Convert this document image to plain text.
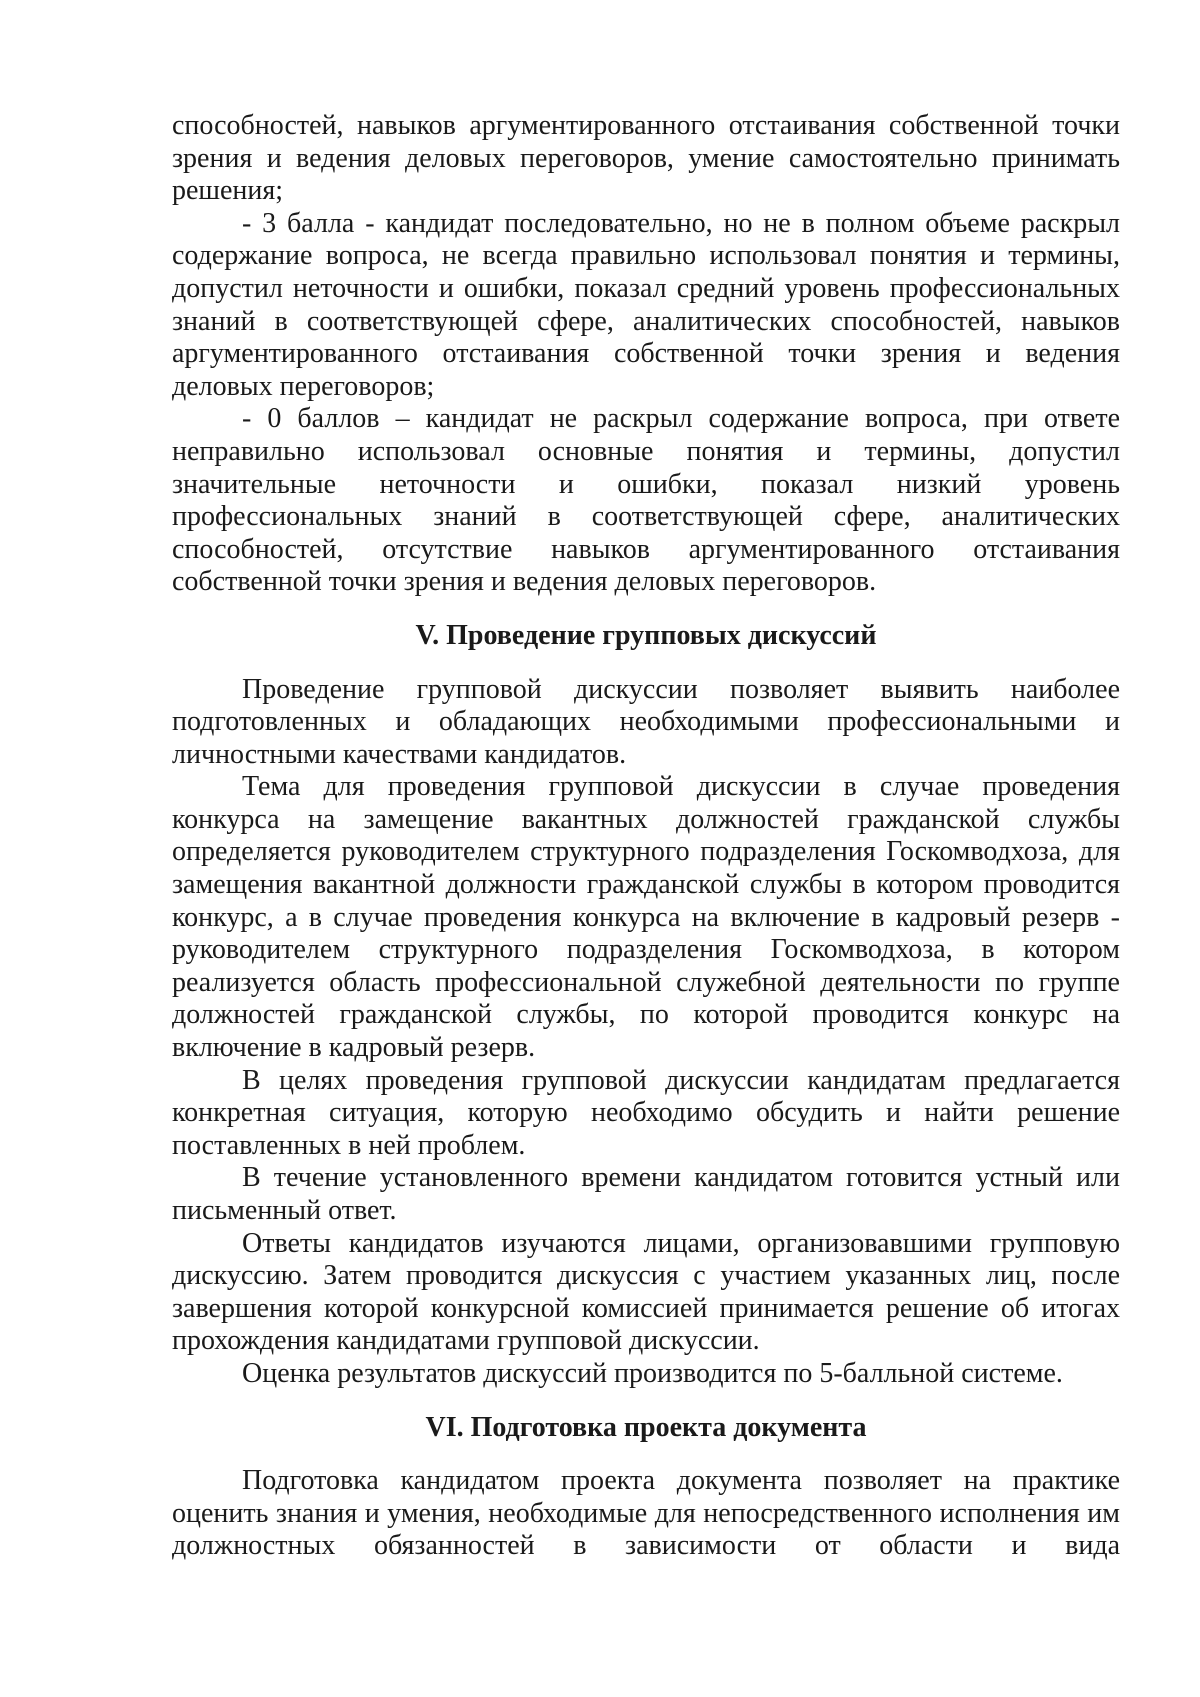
способностей, навыков аргументированного отстаивания собственной точки зрения и ведения деловых переговоров, умение самостоятельно принимать решения;

- 3 балла - кандидат последовательно, но не в полном объеме раскрыл содержание вопроса, не всегда правильно использовал понятия и термины, допустил неточности и ошибки, показал средний уровень профессиональных знаний в соответствующей сфере, аналитических способностей, навыков аргументированного отстаивания собственной точки зрения и ведения деловых переговоров;

- 0 баллов – кандидат не раскрыл содержание вопроса, при ответе неправильно использовал основные понятия и термины, допустил значительные неточности и ошибки, показал низкий уровень профессиональных знаний в соответствующей сфере, аналитических способностей, отсутствие навыков аргументированного отстаивания собственной точки зрения и ведения деловых переговоров.

V. Проведение групповых дискуссий

Проведение групповой дискуссии позволяет выявить наиболее подготовленных и обладающих необходимыми профессиональными и личностными качествами кандидатов.

Тема для проведения групповой дискуссии в случае проведения конкурса на замещение вакантных должностей гражданской службы определяется руководителем структурного подразделения Госкомводхоза, для замещения вакантной должности гражданской службы в котором проводится конкурс, а в случае проведения конкурса на включение в кадровый резерв - руководителем структурного подразделения Госкомводхоза, в котором реализуется область профессиональной служебной деятельности по группе должностей гражданской службы, по которой проводится конкурс на включение в кадровый резерв.

В целях проведения групповой дискуссии кандидатам предлагается конкретная ситуация, которую необходимо обсудить и найти решение поставленных в ней проблем.

В течение установленного времени кандидатом готовится устный или письменный ответ.

Ответы кандидатов изучаются лицами, организовавшими групповую дискуссию. Затем проводится дискуссия с участием указанных лиц, после завершения которой конкурсной комиссией принимается решение об итогах прохождения кандидатами групповой дискуссии.

Оценка результатов дискуссий производится по 5-балльной системе.

VI. Подготовка проекта документа

Подготовка кандидатом проекта документа позволяет на практике оценить знания и умения, необходимые для непосредственного исполнения им должностных обязанностей в зависимости от области и вида
